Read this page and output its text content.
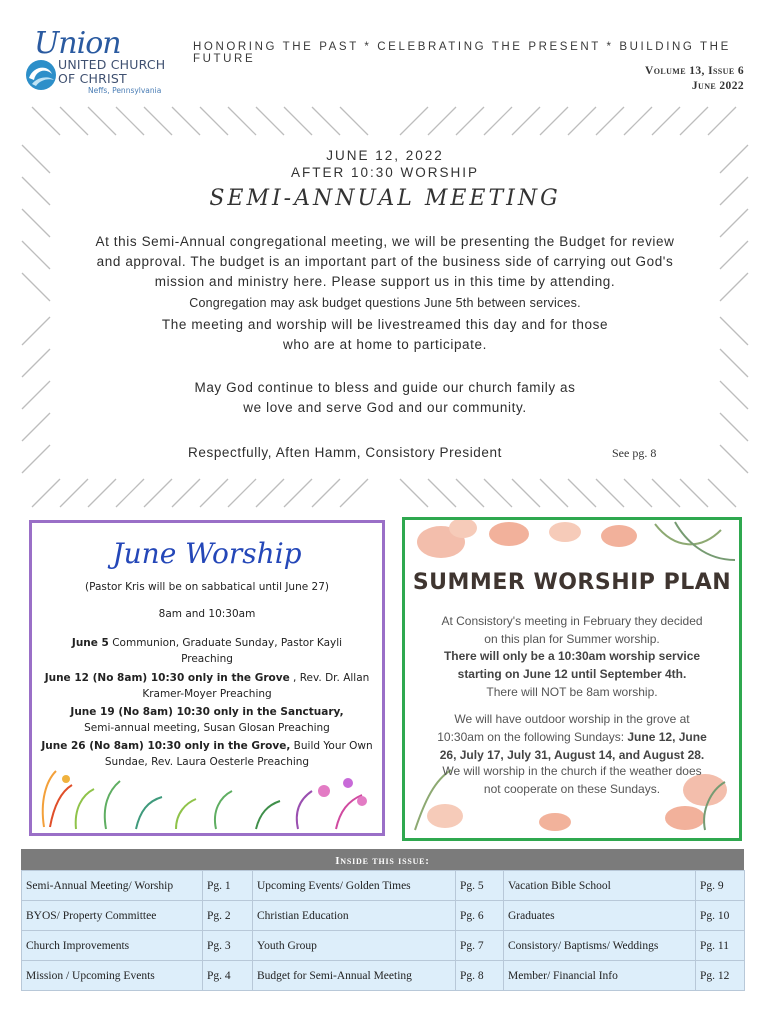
Union
UNITED CHURCH
OF CHRIST
Neffs, Pennsylvania
HONORING THE PAST * CELEBRATING THE PRESENT * BUILDING THE FUTURE
Volume 13, Issue 6
June 2022
JUNE 12, 2022
AFTER 10:30 WORSHIP
SEMI-ANNUAL MEETING
At this Semi-Annual congregational meeting, we will be presenting the Budget for review
and approval. The budget is an important part of the business side of carrying out God's
mission and ministry here. Please support us in this time by attending.
Congregation may ask budget questions June 5th between services.
The meeting and worship will be livestreamed this day and for those
who are at home to participate.
May God continue to bless and guide our church family as
we love and serve God and our community.
Respectfully, Aften Hamm, Consistory President	See pg. 8
June Worship
(Pastor Kris will be on sabbatical until June 27)
8am and 10:30am
June 5 Communion, Graduate Sunday, Pastor Kayli
Preaching
June 12 (No 8am) 10:30 only in the Grove , Rev. Dr. Allan
Kramer-Moyer Preaching
June 19 (No 8am) 10:30 only in the Sanctuary,
Semi-annual meeting, Susan Glosan Preaching
June 26 (No 8am) 10:30 only in the Grove, Build Your Own
Sundae, Rev. Laura Oesterle Preaching
SUMMER WORSHIP PLAN
At Consistory's meeting in February they decided
on this plan for Summer worship.
There will only be a 10:30am worship service
starting on June 12 until September 4th.
There will NOT be 8am worship.
We will have outdoor worship in the grove at
10:30am on the following Sundays: June 12, June
26, July 17, July 31, August 14, and August 28.
We will worship in the church if the weather does
not cooperate on these Sundays.
Inside this issue:
Semi-Annual Meeting/ Worship	Pg. 1	Upcoming Events/ Golden Times	Pg. 5	Vacation Bible School	Pg. 9
BYOS/ Property Committee	Pg. 2	Christian Education	Pg. 6	Graduates	Pg. 10
Church Improvements	Pg. 3	Youth Group	Pg. 7	Consistory/ Baptisms/ Weddings	Pg. 11
Mission / Upcoming Events	Pg. 4	Budget for Semi-Annual Meeting	Pg. 8	Member/ Financial Info	Pg. 12
